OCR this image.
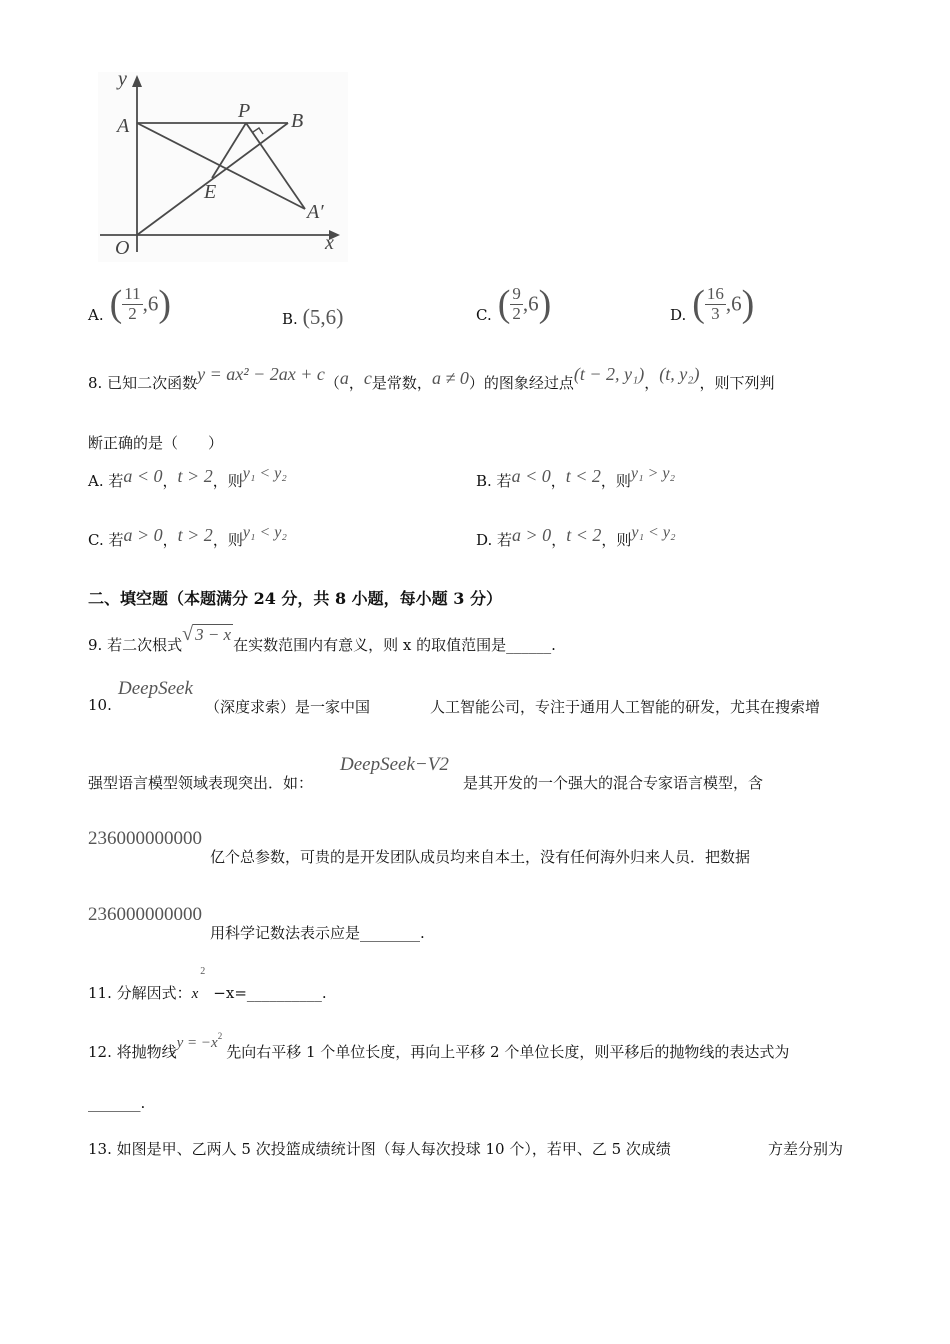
y
A
P B
E
A′
O	x
A. ( $\frac{11}{2} ,6$)	B. (5,6)	C. ( $\frac{9}{2} ,6$)	D. ( $\frac{16}{3} ,6$)
8. 已知二次函数y = ax² − 2ax + c（a，c是常数，a ≠ 0）的图象经过点(t − 2, y₁)，(t, y₂)，则下列判
断正确的是（　　）
A. 若a < 0，t > 2，则y₁ < y₂	B. 若a < 0，t < 2，则y₁ > y₂
C. 若a > 0，t > 2，则y₁ < y₂	D. 若a > 0，t < 2，则y₁ < y₂
二、填空题（本题满分 24 分，共 8 小题，每小题 3 分）
9. 若二次根式√ 3 − x在实数范围内有意义，则 x 的取值范围是______.
10.
DeepSeek
（深度求索）是一家中国	人工智能公司，专注于通用人工智能的研发，尤其在搜索增
强型语言模型领域表现突出．如：
DeepSeek−V2
是其开发的一个强大的混合专家语言模型，含
236000000000
亿个总参数，可贵的是开发团队成员均来自本土，没有任何海外归来人员．把数据
236000000000
用科学记数法表示应是________.
11. 分解因式：$x^2-x=\_\_\_\_\_\_\_\_\_\_$.
12. 将抛物线$y = -x^2$先向右平移 1 个单位长度，再向上平移 2 个单位长度，则平移后的抛物线的表达式为
_______.
13. 如图是甲、乙两人 5 次投篮成绩统计图（每人每次投球 10 个），若甲、乙 5 次成绩	方差分别为
